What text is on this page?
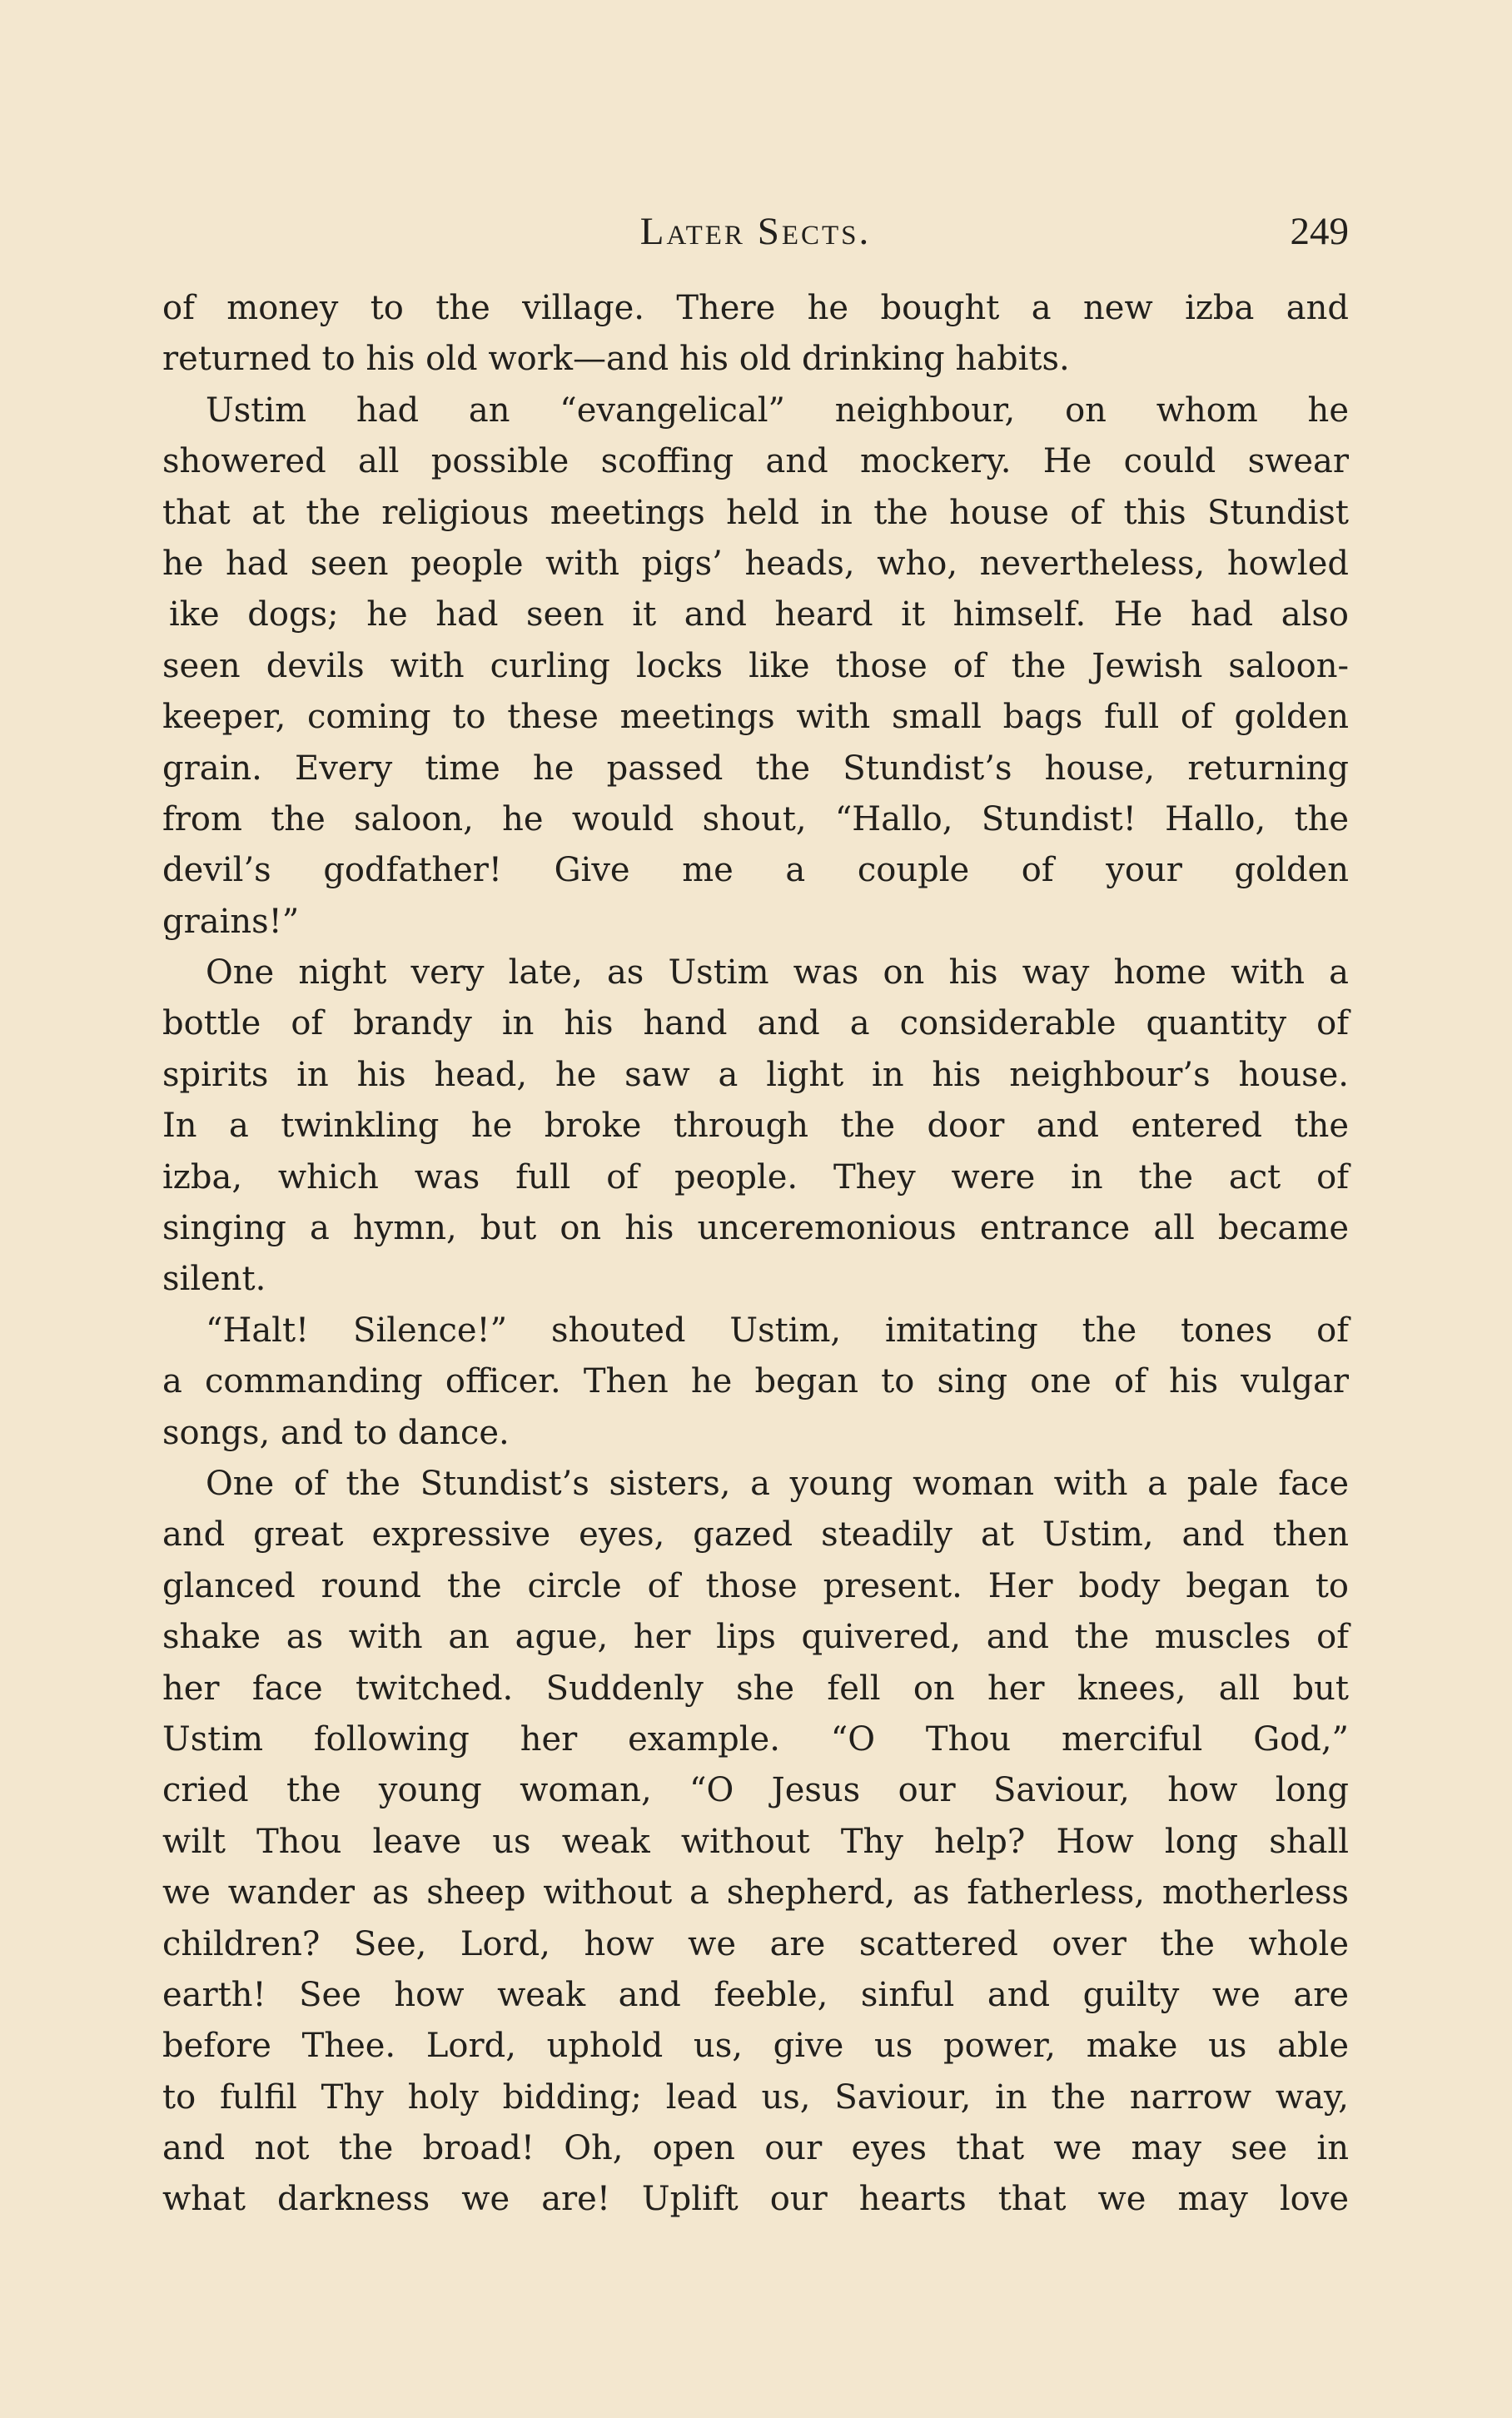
Later Sects.	249
of money to the village. There he bought a new izba and
returned to his old work—and his old drinking habits.
Ustim had an “evangelical” neighbour, on whom he
showered all possible scoffing and mockery. He could swear
that at the religious meetings held in the house of this Stundist
he had seen people with pigs’ heads, who, nevertheless, howled
ike dogs; he had seen it and heard it himself. He had also
seen devils with curling locks like those of the Jewish saloon-
keeper, coming to these meetings with small bags full of golden
grain. Every time he passed the Stundist’s house, returning
from the saloon, he would shout, “Hallo, Stundist! Hallo, the
devil’s godfather! Give me a couple of your golden
grains!”
One night very late, as Ustim was on his way home with a
bottle of brandy in his hand and a considerable quantity of
spirits in his head, he saw a light in his neighbour’s house.
In a twinkling he broke through the door and entered the
izba, which was full of people. They were in the act of
singing a hymn, but on his unceremonious entrance all became
silent.
“Halt! Silence!” shouted Ustim, imitating the tones of
a commanding officer. Then he began to sing one of his vulgar
songs, and to dance.
One of the Stundist’s sisters, a young woman with a pale face
and great expressive eyes, gazed steadily at Ustim, and then
glanced round the circle of those present. Her body began to
shake as with an ague, her lips quivered, and the muscles of
her face twitched. Suddenly she fell on her knees, all but
Ustim following her example. “O Thou merciful God,”
cried the young woman, “O Jesus our Saviour, how long
wilt Thou leave us weak without Thy help? How long shall
we wander as sheep without a shepherd, as fatherless, motherless
children? See, Lord, how we are scattered over the whole
earth! See how weak and feeble, sinful and guilty we are
before Thee. Lord, uphold us, give us power, make us able
to fulfil Thy holy bidding; lead us, Saviour, in the narrow way,
and not the broad! Oh, open our eyes that we may see in
what darkness we are! Uplift our hearts that we may love
